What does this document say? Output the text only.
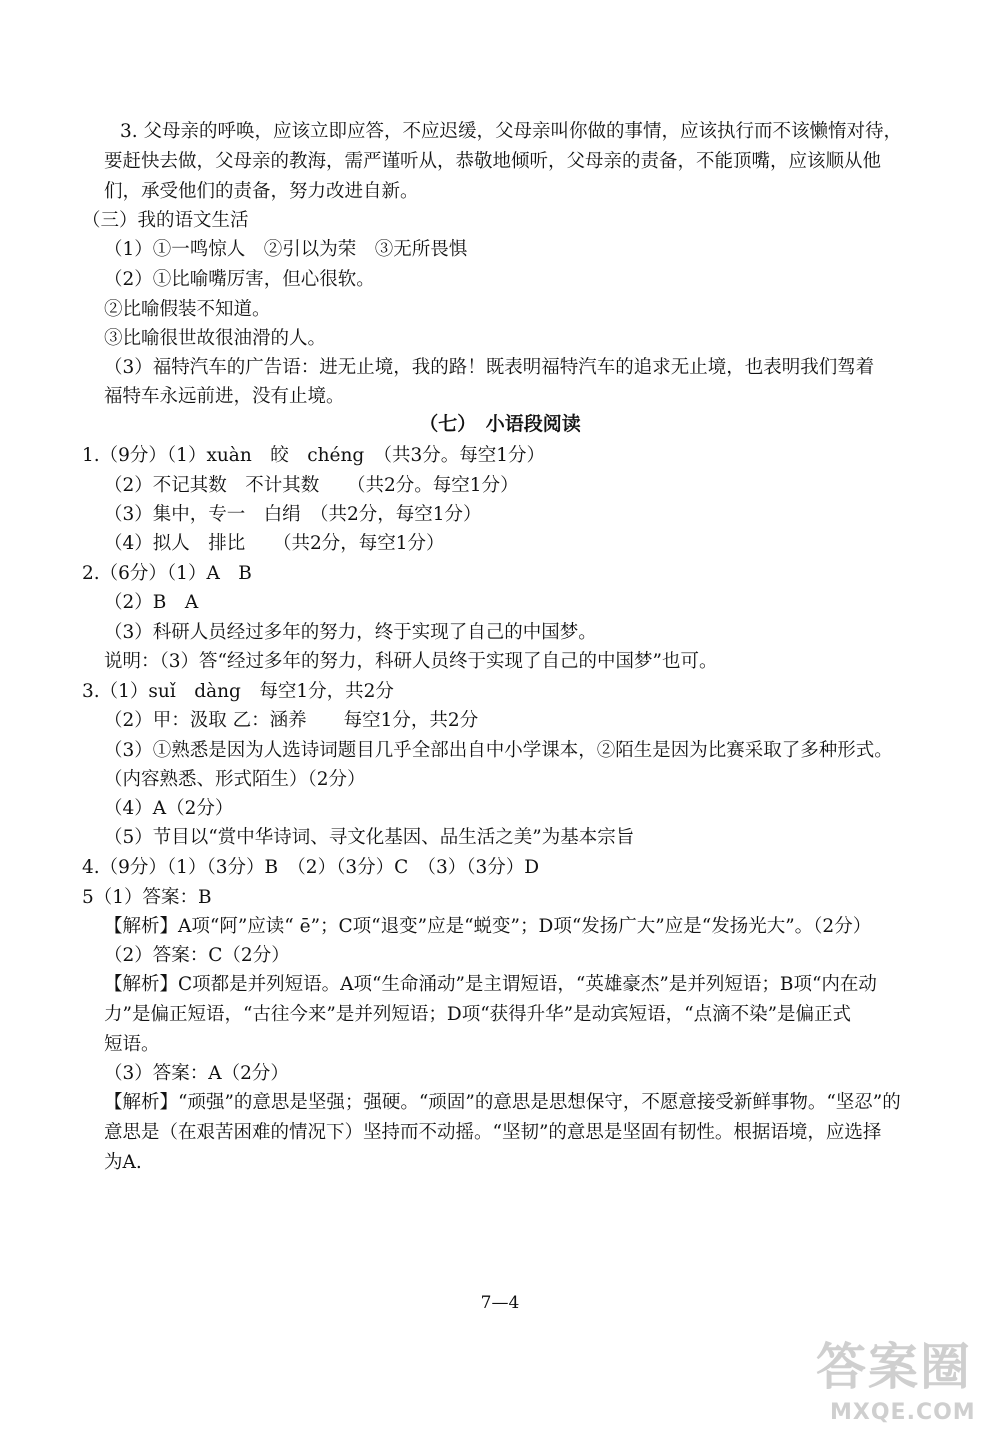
3. 父母亲的呼唤，应该立即应答，不应迟缓，父母亲叫你做的事情，应该执行而不该懒惰对待，
要赶快去做，父母亲的教海，需严谨听从，恭敬地倾听，父母亲的责备，不能顶嘴，应该顺从他
们，承受他们的责备，努力改进自新。
（三）我的语文生活
（1）①一鸣惊人　②引以为荣　③无所畏惧
（2）①比喻嘴厉害，但心很软。
②比喻假装不知道。
③比喻很世故很油滑的人。
（3）福特汽车的广告语：进无止境，我的路！既表明福特汽车的追求无止境，也表明我们驾着
福特车永远前进，没有止境。
（七）　小语段阅读
1.（9分）（1）xuàn　皎　chéng　（共3分。每空1分）
（2）不记其数　不计其数　　（共2分。每空1分）
（3）集中，专一　白绢　（共2分，每空1分）
（4）拟人　排比　　（共2分，每空1分）
2.（6分）（1）A　B
（2）B　A
（3）科研人员经过多年的努力，终于实现了自己的中国梦。
说明：（3）答“经过多年的努力，科研人员终于实现了自己的中国梦”也可。
3.（1）suǐ　dàng　每空1分，共2分
（2）甲：汲取 乙：涵养　　每空1分，共2分
（3）①熟悉是因为人选诗词题目几乎全部出自中小学课本，②陌生是因为比赛采取了多种形式。
（内容熟悉、形式陌生）（2分）
（4）A（2分）
（5）节目以“赏中华诗词、寻文化基因、品生活之美”为基本宗旨
4.（9分）（1）（3分）B　（2）（3分）C　（3）（3分）D
5（1）答案：B
【解析】A项“阿”应读“ ē”；C项“退变”应是“蜕变”；D项“发扬广大”应是“发扬光大”。（2分）
（2）答案：C（2分）
【解析】C项都是并列短语。A项“生命涌动”是主谓短语，“英雄豪杰”是并列短语；B项“内在动
力”是偏正短语，“古往今来”是并列短语；D项“获得升华”是动宾短语，“点滴不染”是偏正式
短语。
（3）答案：A（2分）
【解析】“顽强”的意思是坚强；强硬。“顽固”的意思是思想保守，不愿意接受新鲜事物。“坚忍”的
意思是（在艰苦困难的情况下）坚持而不动摇。“坚韧”的意思是坚固有韧性。根据语境，应选择
为A.
7—4
答案圈
MXQE.COM
